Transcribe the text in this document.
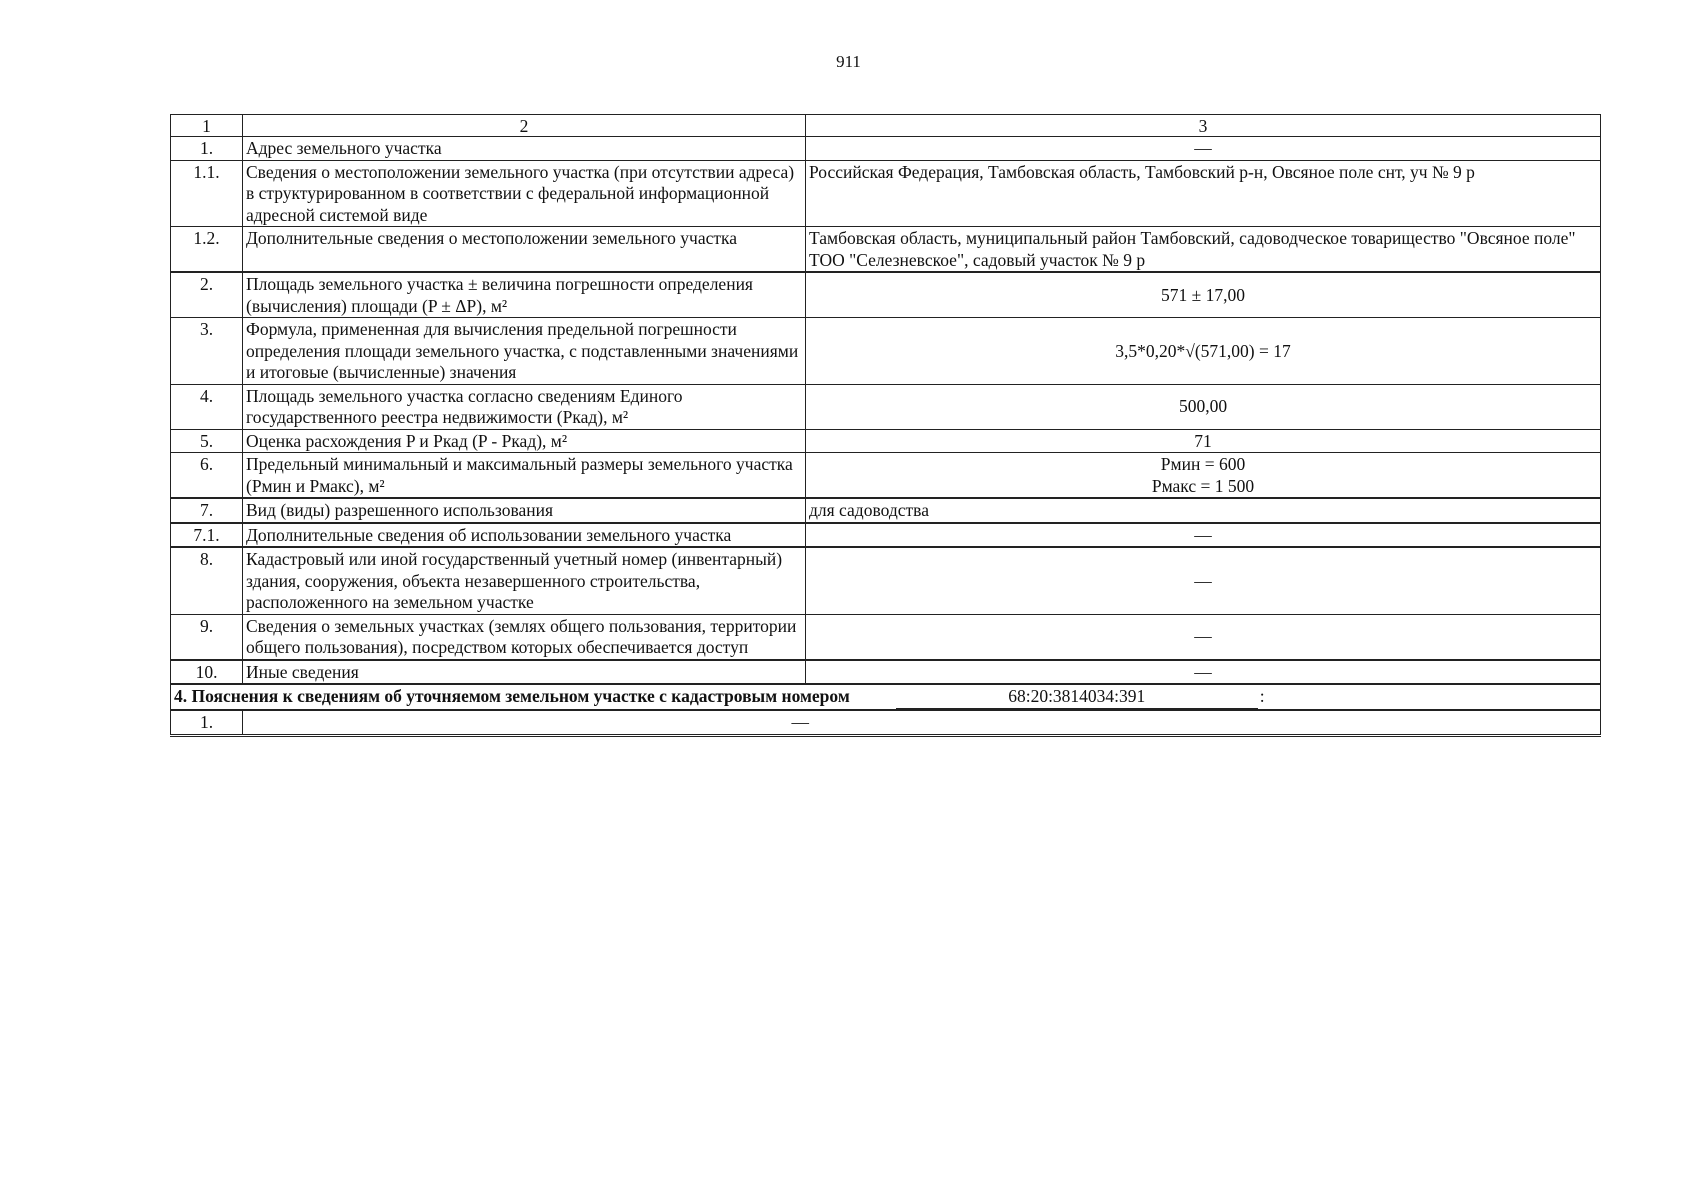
911
1	2	3
1.	Адрес земельного участка	—
1.1.	Сведения о местоположении земельного участка (при отсутствии адреса) в структурированном в соответствии с федеральной информационной адресной системой виде	Российская Федерация, Тамбовская область, Тамбовский р-н, Овсяное поле снт, уч № 9 р
1.2.	Дополнительные сведения о местоположении земельного участка	Тамбовская область, муниципальный район Тамбовский, садоводческое товарищество "Овсяное поле" ТОО "Селезневское", садовый участок № 9 р
2.	Площадь земельного участка ± величина погрешности определения (вычисления) площади (P ± ΔP), м²	571 ± 17,00
3.	Формула, примененная для вычисления предельной погрешности определения площади земельного участка, с подставленными значениями и итоговые (вычисленные) значения	3,5*0,20*√(571,00) = 17
4.	Площадь земельного участка согласно сведениям Единого государственного реестра недвижимости (Pкад), м²	500,00
5.	Оценка расхождения P и Pкад (P - Pкад), м²	71
6.	Предельный минимальный и максимальный размеры земельного участка (Pмин и Pмакс), м²	Pмин = 600
Pмакс = 1 500

7.	Вид (виды) разрешенного использования	для садоводства
7.1.	Дополнительные сведения об использовании земельного участка	—
8.	Кадастровый или иной государственный учетный номер (инвентарный) здания, сооружения, объекта незавершенного строительства, расположенного на земельном участке	—
9.	Сведения о земельных участках (землях общего пользования, территории общего пользования), посредством которых обеспечивается доступ	—
10.	Иные сведения	—

4. Пояснения к сведениям об уточняемом земельном участке с кадастровым номером 68:20:3814034:391 :		

1.	—	
